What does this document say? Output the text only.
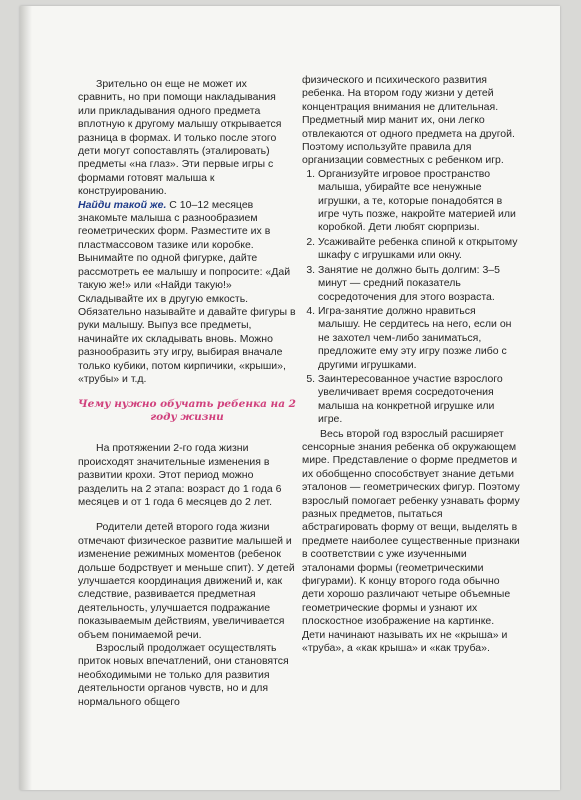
Зрительно он еще не может их сравнить, но при помощи накладывания или прикладывания одного предмета вплотную к другому малышу открывается разница в формах. И только после этого дети могут сопоставлять (эталировать) предметы «на глаз». Эти первые игры с формами готовят малыша к конструированию.

Найди такой же. С 10–12 месяцев знакомьте малыша с разнообразием геометрических форм. Разместите их в пластмассовом тазике или коробке. Вынимайте по одной фигурке, дайте рассмотреть ее малышу и попросите: «Дай такую же!» или «Найди такую!» Складывайте их в другую емкость. Обязательно называйте и давайте фигуры в руки малышу. Выпуз все предметы, начинайте их складывать вновь. Можно разнообразить эту игру, выбирая вначале только кубики, потом кирпичики, «крыши», «трубы» и т.д.

Чему нужно обучать ребенка на 2 году жизни

На протяжении 2-го года жизни происходят значительные изменения в развитии крохи. Этот период можно разделить на 2 этапа: возраст до 1 года 6 месяцев и от 1 года 6 месяцев до 2 лет.

Родители детей второго года жизни отмечают физическое развитие малышей и изменение режимных моментов (ребенок дольше бодрствует и меньше спит). У детей улучшается координация движений и, как следствие, развивается предметная деятельность, улучшается подражание показываемым действиям, увеличивается объем понимаемой речи.

Взрослый продолжает осуществлять приток новых впечатлений, они становятся необходимыми не только для развития деятельности органов чувств, но и для нормального общего

физического и психического развития ребенка. На втором году жизни у детей концентрация внимания не длительная. Предметный мир манит их, они легко отвлекаются от одного предмета на другой. Поэтому используйте правила для организации совместных с ребенком игр.

1. Организуйте игровое пространство малыша, убирайте все ненужные игрушки, а те, которые понадобятся в игре чуть позже, накройте материей или коробкой. Дети любят сюрпризы.
2. Усаживайте ребенка спиной к открытому шкафу с игрушками или окну.
3. Занятие не должно быть долгим: 3–5 минут — средний показатель сосредоточения для этого возраста.
4. Игра-занятие должно нравиться малышу. Не сердитесь на него, если он не захотел чем-либо заниматься, предложите ему эту игру позже либо с другими игрушками.
5. Заинтересованное участие взрослого увеличивает время сосредоточения малыша на конкретной игрушке или игре.

Весь второй год взрослый расширяет сенсорные знания ребенка об окружающем мире. Представление о форме предметов и их обобщенно способствует знание детьми эталонов — геометрических фигур. Поэтому взрослый помогает ребенку узнавать форму разных предметов, пытаться абстрагировать форму от вещи, выделять в предмете наиболее существенные признаки в соответствии с уже изученными эталонами формы (геометрическими фигурами). К концу второго года обычно дети хорошо различают четыре объемные геометрические формы и узнают их плоскостное изображение на картинке. Дети начинают называть их не «крыша» и «труба», а «как крыша» и «как труба».
